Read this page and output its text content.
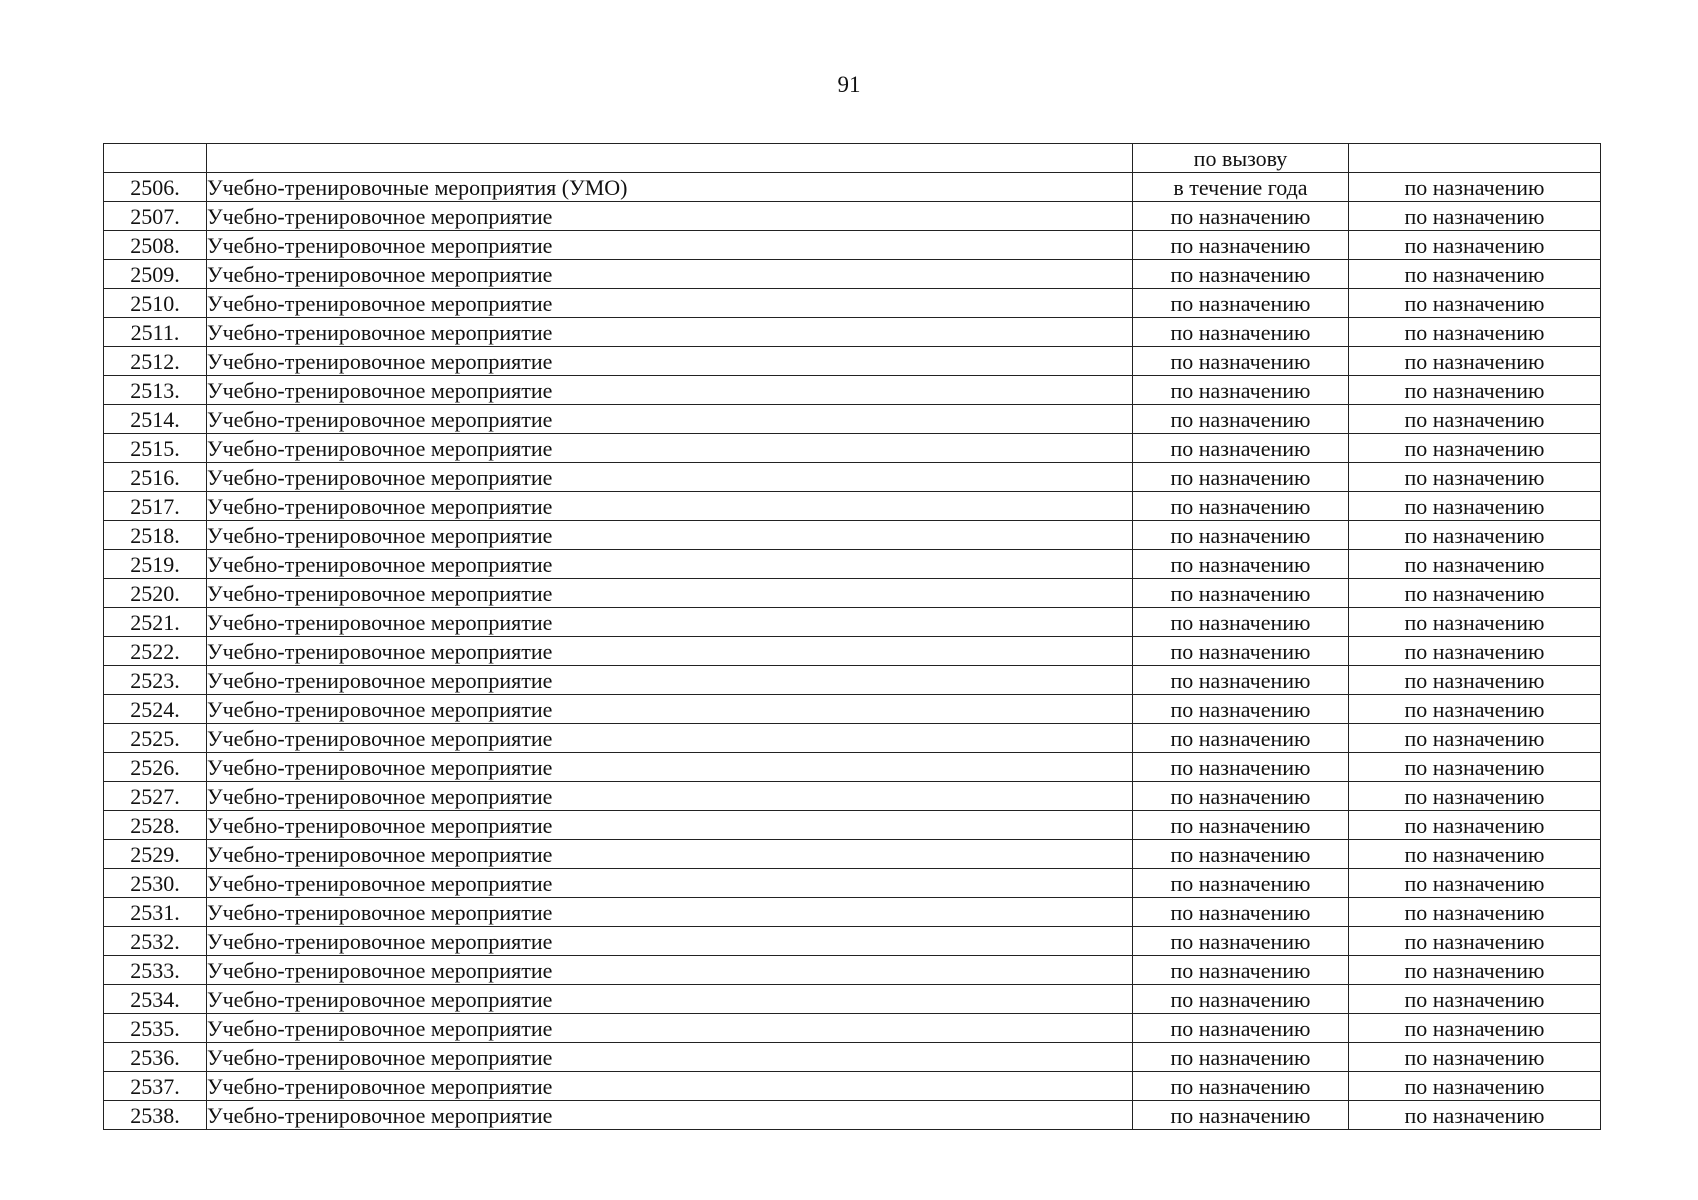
91
		по вызову	
2506.	Учебно-тренировочные мероприятия (УМО)	в течение года	по назначению
2507.	Учебно-тренировочное мероприятие	по назначению	по назначению
2508.	Учебно-тренировочное мероприятие	по назначению	по назначению
2509.	Учебно-тренировочное мероприятие	по назначению	по назначению
2510.	Учебно-тренировочное мероприятие	по назначению	по назначению
2511.	Учебно-тренировочное мероприятие	по назначению	по назначению
2512.	Учебно-тренировочное мероприятие	по назначению	по назначению
2513.	Учебно-тренировочное мероприятие	по назначению	по назначению
2514.	Учебно-тренировочное мероприятие	по назначению	по назначению
2515.	Учебно-тренировочное мероприятие	по назначению	по назначению
2516.	Учебно-тренировочное мероприятие	по назначению	по назначению
2517.	Учебно-тренировочное мероприятие	по назначению	по назначению
2518.	Учебно-тренировочное мероприятие	по назначению	по назначению
2519.	Учебно-тренировочное мероприятие	по назначению	по назначению
2520.	Учебно-тренировочное мероприятие	по назначению	по назначению
2521.	Учебно-тренировочное мероприятие	по назначению	по назначению
2522.	Учебно-тренировочное мероприятие	по назначению	по назначению
2523.	Учебно-тренировочное мероприятие	по назначению	по назначению
2524.	Учебно-тренировочное мероприятие	по назначению	по назначению
2525.	Учебно-тренировочное мероприятие	по назначению	по назначению
2526.	Учебно-тренировочное мероприятие	по назначению	по назначению
2527.	Учебно-тренировочное мероприятие	по назначению	по назначению
2528.	Учебно-тренировочное мероприятие	по назначению	по назначению
2529.	Учебно-тренировочное мероприятие	по назначению	по назначению
2530.	Учебно-тренировочное мероприятие	по назначению	по назначению
2531.	Учебно-тренировочное мероприятие	по назначению	по назначению
2532.	Учебно-тренировочное мероприятие	по назначению	по назначению
2533.	Учебно-тренировочное мероприятие	по назначению	по назначению
2534.	Учебно-тренировочное мероприятие	по назначению	по назначению
2535.	Учебно-тренировочное мероприятие	по назначению	по назначению
2536.	Учебно-тренировочное мероприятие	по назначению	по назначению
2537.	Учебно-тренировочное мероприятие	по назначению	по назначению
2538.	Учебно-тренировочное мероприятие	по назначению	по назначению
